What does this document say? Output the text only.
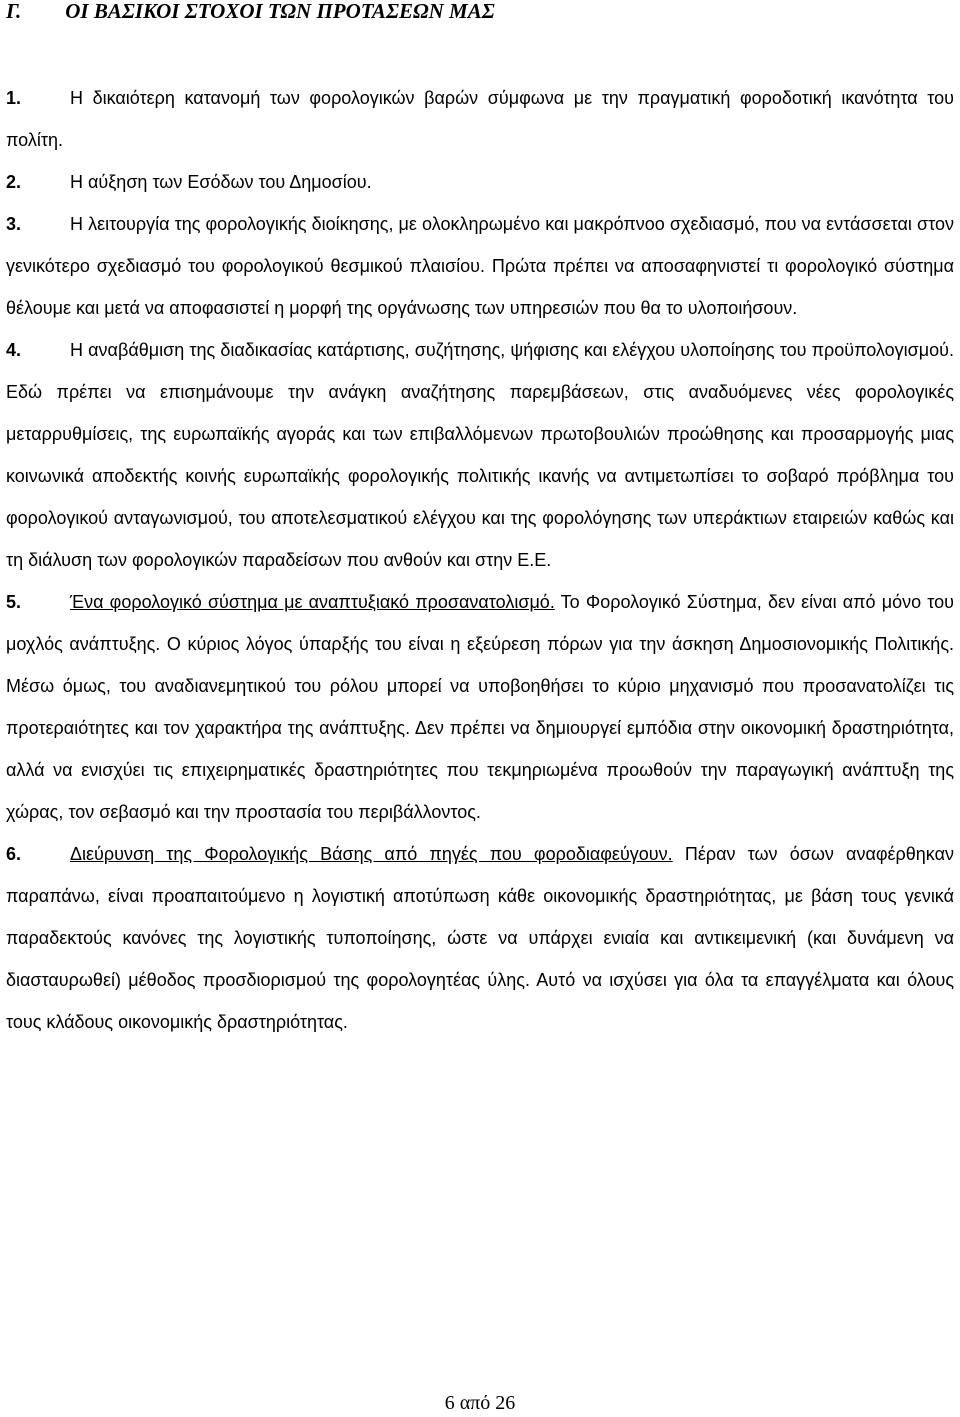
Γ. ΟΙ ΒΑΣΙΚΟΙ ΣΤΟΧΟΙ ΤΩΝ ΠΡΟΤΑΣΕΩΝ ΜΑΣ

1.	Η δικαιότερη κατανομή των φορολογικών βαρών σύμφωνα με την πραγματική φοροδοτική ικανότητα του πολίτη.

2.	Η αύξηση των Εσόδων του Δημοσίου.

3.	Η λειτουργία της φορολογικής διοίκησης, με ολοκληρωμένο και μακρόπνοο σχεδιασμό, που να εντάσσεται στον γενικότερο σχεδιασμό του φορολογικού θεσμικού πλαισίου. Πρώτα πρέπει να αποσαφηνιστεί τι φορολογικό σύστημα θέλουμε και μετά να αποφασιστεί η μορφή της οργάνωσης των υπηρεσιών που θα το υλοποιήσουν.

4.	Η αναβάθμιση της διαδικασίας κατάρτισης, συζήτησης, ψήφισης και ελέγχου υλοποίησης του προϋπολογισμού. Εδώ πρέπει να επισημάνουμε την ανάγκη αναζήτησης παρεμβάσεων, στις αναδυόμενες νέες φορολογικές μεταρρυθμίσεις, της ευρωπαϊκής αγοράς και των επιβαλλόμενων πρωτοβουλιών προώθησης και προσαρμογής μιας κοινωνικά αποδεκτής κοινής ευρωπαϊκής φορολογικής πολιτικής ικανής να αντιμετωπίσει το σοβαρό πρόβλημα του φορολογικού ανταγωνισμού, του αποτελεσματικού ελέγχου και της φορολόγησης των υπεράκτιων εταιρειών καθώς και τη διάλυση των φορολογικών παραδείσων που ανθούν και στην Ε.Ε.

5.	Ένα φορολογικό σύστημα με αναπτυξιακό προσανατολισμό. Το Φορολογικό Σύστημα, δεν είναι από μόνο του μοχλός ανάπτυξης. Ο κύριος λόγος ύπαρξής του είναι η εξεύρεση πόρων για την άσκηση Δημοσιονομικής Πολιτικής. Μέσω όμως, του αναδιανεμητικού του ρόλου μπορεί να υποβοηθήσει το κύριο μηχανισμό που προσανατολίζει τις προτεραιότητες και τον χαρακτήρα της ανάπτυξης. Δεν πρέπει να δημιουργεί εμπόδια στην οικονομική δραστηριότητα, αλλά να ενισχύει τις επιχειρηματικές δραστηριότητες που τεκμηριωμένα προωθούν την παραγωγική ανάπτυξη της χώρας, τον σεβασμό και την προστασία του περιβάλλοντος.

6.	Διεύρυνση της Φορολογικής Βάσης από πηγές που φοροδιαφεύγουν. Πέραν των όσων αναφέρθηκαν παραπάνω, είναι προαπαιτούμενο η λογιστική αποτύπωση κάθε οικονομικής δραστηριότητας, με βάση τους γενικά παραδεκτούς κανόνες της λογιστικής τυποποίησης, ώστε να υπάρχει ενιαία και αντικειμενική (και δυνάμενη να διασταυρωθεί) μέθοδος προσδιορισμού της φορολογητέας ύλης. Αυτό να ισχύσει για όλα τα επαγγέλματα και όλους τους κλάδους οικονομικής δραστηριότητας.

6 από 26
